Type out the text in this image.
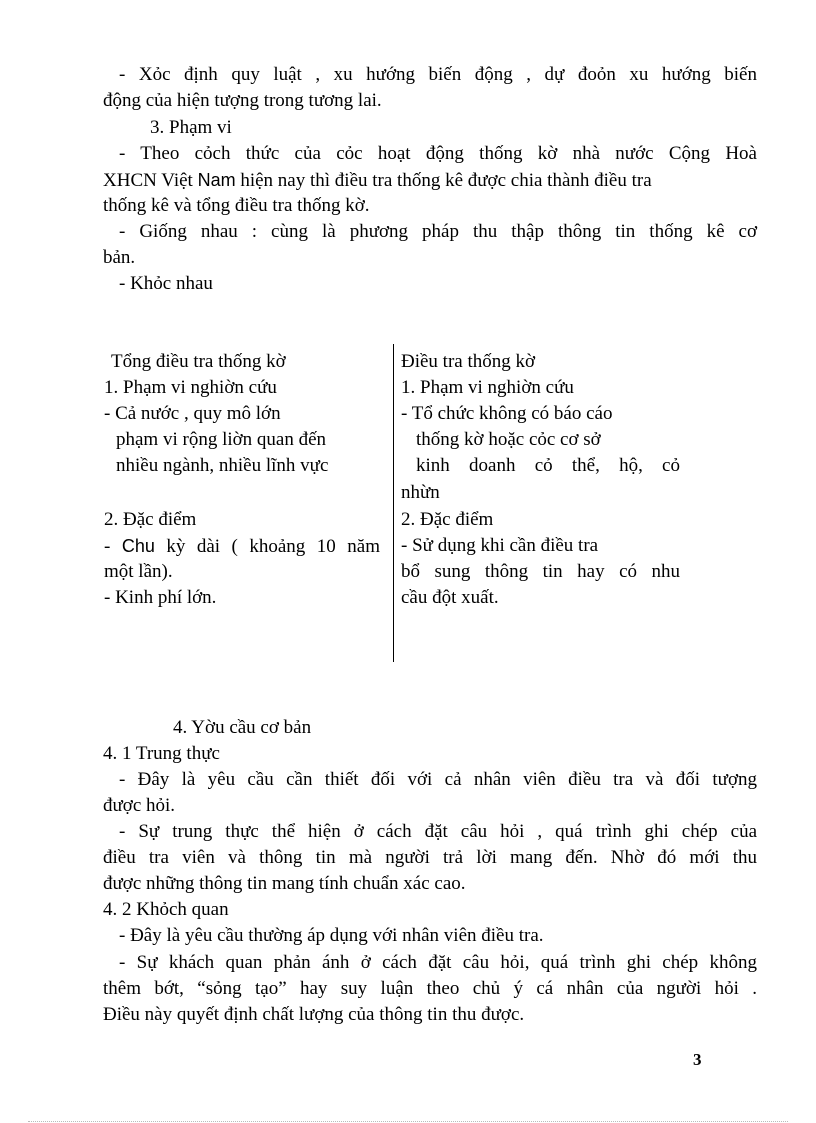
- Xỏc định quy luật , xu hướng biến động , dự đoỏn xu hướng biến
động của hiện tượng trong tương lai.
3. Phạm vi
- Theo cỏch thức của cỏc hoạt động thống kờ nhà nước Cộng Hoà
XHCN Việt Nam hiện nay thì điều tra thống kê được chia thành điều tra
thống kê và tổng điều tra thống kờ.
- Giống nhau : cùng là phương pháp thu thập thông tin thống kê cơ
bản.
- Khỏc nhau
Tổng điều tra thống kờ
1. Phạm vi nghiờn cứu
- Cả nước , quy mô lớn
phạm vi rộng liờn quan đến
nhiều ngành, nhiều lĩnh vực
2. Đặc điểm
- Chu kỳ dài ( khoảng 10 năm
một lần).
- Kinh phí lớn.
Điều tra thống kờ
1. Phạm vi nghiờn cứu
- Tổ chức không có báo cáo
thống kờ hoặc cỏc cơ sở
kinh doanh cỏ thể, hộ, cỏ
nhừn
2. Đặc điểm
- Sử dụng khi cần điều tra
bổ sung thông tin hay có nhu
cầu đột xuất.
4. Yờu cầu cơ bản
4. 1 Trung thực
- Đây là yêu cầu cần thiết đối với cả nhân viên điều tra và đối tượng
được hỏi.
- Sự trung thực thể hiện ở cách đặt câu hỏi , quá trình ghi chép của
điều tra viên và thông tin mà người trả lời mang đến. Nhờ đó mới thu
được những thông tin mang tính chuẩn xác cao.
4. 2 Khỏch quan
- Đây là yêu cầu thường áp dụng với nhân viên điều tra.
- Sự khách quan phản ánh ở cách đặt câu hỏi, quá trình ghi chép không
thêm bớt, “sỏng tạo” hay suy luận theo chủ ý cá nhân của người hỏi .
Điều này quyết định chất lượng của thông tin thu được.
3
